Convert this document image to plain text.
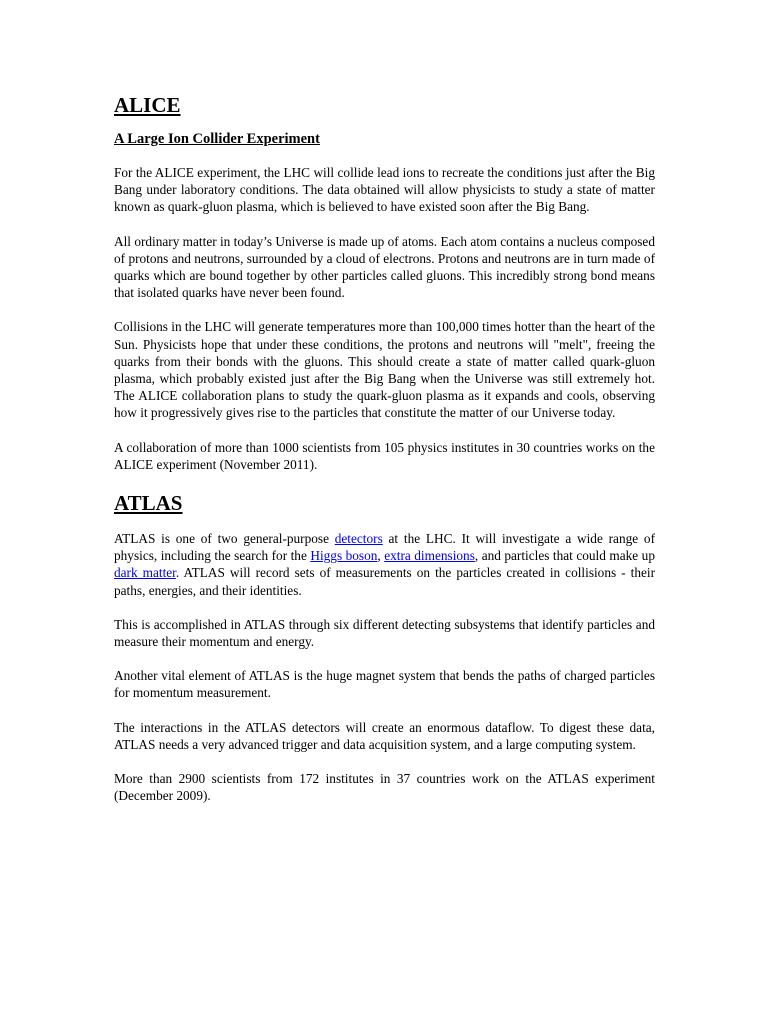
ALICE
A Large Ion Collider Experiment

For the ALICE experiment, the LHC will collide lead ions to recreate the conditions just after the Big Bang under laboratory conditions. The data obtained will allow physicists to study a state of matter known as quark-gluon plasma, which is believed to have existed soon after the Big Bang.

All ordinary matter in today’s Universe is made up of atoms. Each atom contains a nucleus composed of protons and neutrons, surrounded by a cloud of electrons. Protons and neutrons are in turn made of quarks which are bound together by other particles called gluons. This incredibly strong bond means that isolated quarks have never been found.

Collisions in the LHC will generate temperatures more than 100,000 times hotter than the heart of the Sun. Physicists hope that under these conditions, the protons and neutrons will "melt", freeing the quarks from their bonds with the gluons. This should create a state of matter called quark-gluon plasma, which probably existed just after the Big Bang when the Universe was still extremely hot. The ALICE collaboration plans to study the quark-gluon plasma as it expands and cools, observing how it progressively gives rise to the particles that constitute the matter of our Universe today.

A collaboration of more than 1000 scientists from 105 physics institutes in 30 countries works on the ALICE experiment (November 2011).

ATLAS

ATLAS is one of two general-purpose detectors at the LHC. It will investigate a wide range of physics, including the search for the Higgs boson, extra dimensions, and particles that could make up dark matter. ATLAS will record sets of measurements on the particles created in collisions - their paths, energies, and their identities.

This is accomplished in ATLAS through six different detecting subsystems that identify particles and measure their momentum and energy.

Another vital element of ATLAS is the huge magnet system that bends the paths of charged particles for momentum measurement.

The interactions in the ATLAS detectors will create an enormous dataflow. To digest these data, ATLAS needs a very advanced trigger and data acquisition system, and a large computing system.

More than 2900 scientists from 172 institutes in 37 countries work on the ATLAS experiment (December 2009).
